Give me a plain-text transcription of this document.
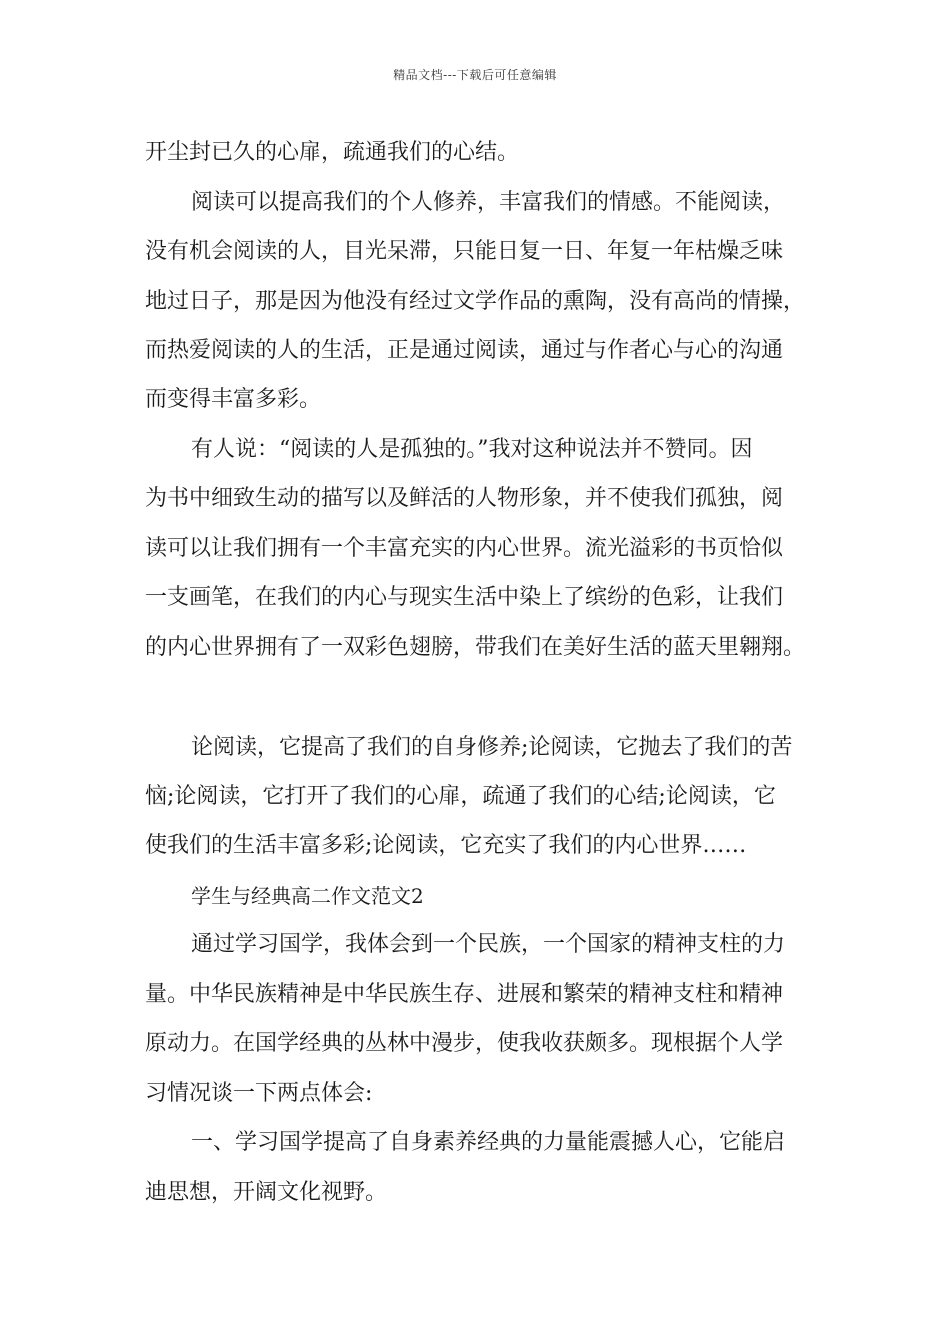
精品文档---下载后可任意编辑
开尘封已久的心扉，疏通我们的心结。
阅读可以提高我们的个人修养，丰富我们的情感。不能阅读，
没有机会阅读的人，目光呆滞，只能日复一日、年复一年枯燥乏味
地过日子，那是因为他没有经过文学作品的熏陶，没有高尚的情操，
而热爱阅读的人的生活，正是通过阅读，通过与作者心与心的沟通
而变得丰富多彩。
有人说：“阅读的人是孤独的。”我对这种说法并不赞同。因
为书中细致生动的描写以及鲜活的人物形象，并不使我们孤独，阅
读可以让我们拥有一个丰富充实的内心世界。流光溢彩的书页恰似
一支画笔，在我们的内心与现实生活中染上了缤纷的色彩，让我们
的内心世界拥有了一双彩色翅膀，带我们在美好生活的蓝天里翱翔。
论阅读，它提高了我们的自身修养;论阅读，它抛去了我们的苦
恼;论阅读，它打开了我们的心扉，疏通了我们的心结;论阅读，它
使我们的生活丰富多彩;论阅读，它充实了我们的内心世界……
学生与经典高二作文范文2
通过学习国学，我体会到一个民族，一个国家的精神支柱的力
量。中华民族精神是中华民族生存、进展和繁荣的精神支柱和精神
原动力。在国学经典的丛林中漫步，使我收获颇多。现根据个人学
习情况谈一下两点体会:
一、学习国学提高了自身素养经典的力量能震撼人心，它能启
迪思想，开阔文化视野。
